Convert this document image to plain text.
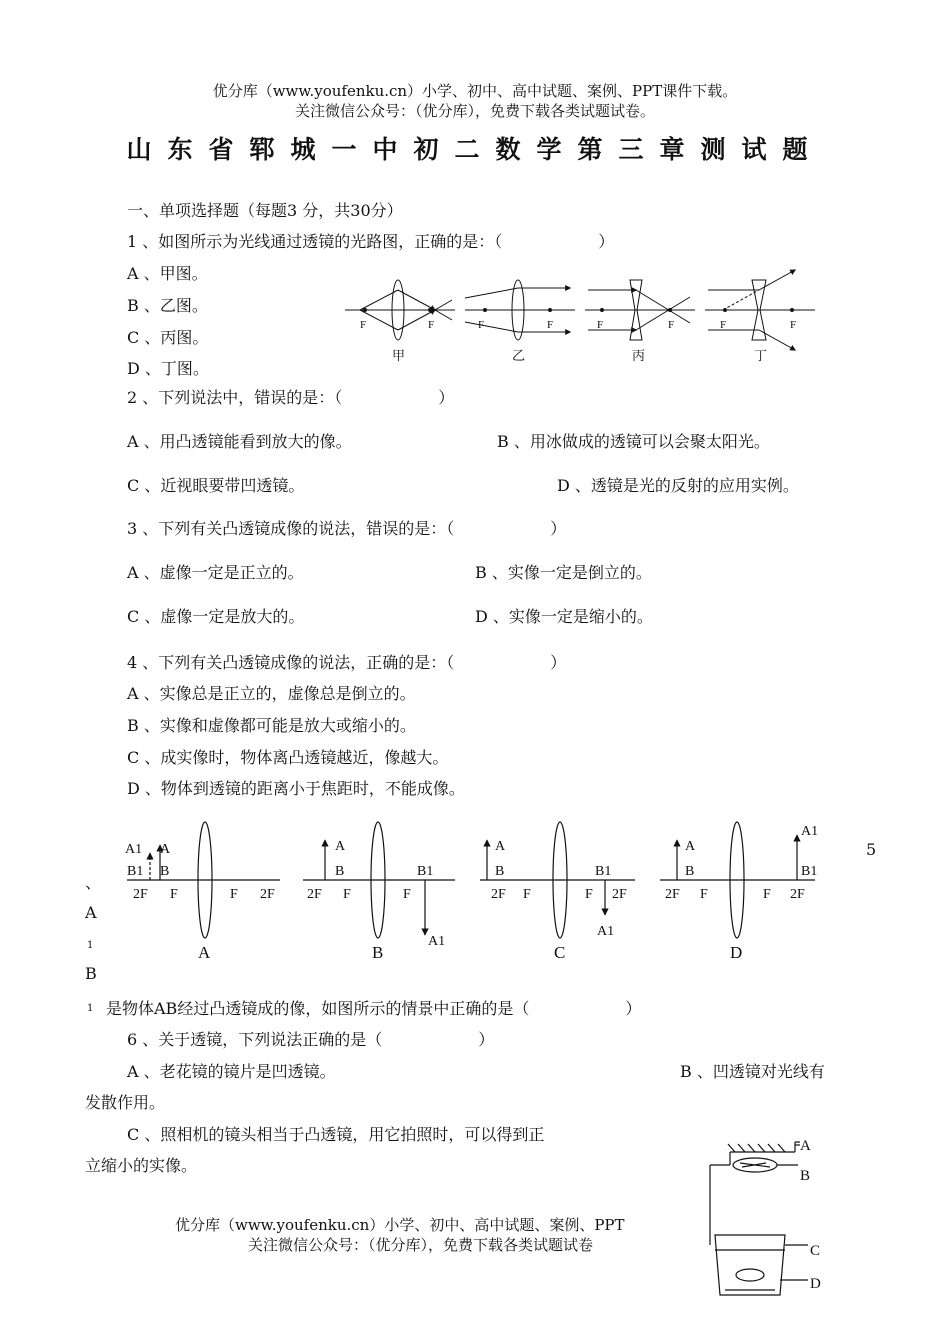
优分库（www.youfenku.cn）小学、初中、高中试题、案例、PPT课件下载。
关注微信公众号：（优分库），免费下载各类试题试卷。
山东省郓城一中初二数学第三章测试题
一、单项选择题（每题3 分，共30分）
1 、如图所示为光线通过透镜的光路图，正确的是：（　　　　　　）
A 、甲图。
B 、乙图。
C 、丙图。
D 、丁图。
F	F	F	F	F	F	F	F
甲	乙	丙	丁
2 、下列说法中，错误的是：（　　　　　　）
A 、用凸透镜能看到放大的像。	B 、用冰做成的透镜可以会聚太阳光。
C 、近视眼要带凹透镜。	D 、透镜是光的反射的应用实例。
3 、下列有关凸透镜成像的说法，错误的是：（　　　　　　）
A 、虚像一定是正立的。	B 、实像一定是倒立的。
C 、虚像一定是放大的。	D 、实像一定是缩小的。
4 、下列有关凸透镜成像的说法，正确的是：（　　　　　　）
A 、实像总是正立的，虚像总是倒立的。
B 、实像和虚像都可能是放大或缩小的。
C 、成实像时，物体离凸透镜越近，像越大。
D 、物体到透镜的距离小于焦距时，不能成像。
、
A
1
B
1
5
A1 A
B1 B
2F F	F 2F
A
B	B1
2F F	F
A1
A
B	B1
2F F	F 2F
A1
A
B
A1
B1
2F F	F 2F
A	B	C	D
是物体AB经过凸透镜成的像，如图所示的情景中正确的是（　　　　　　）
6 、关于透镜，下列说法正确的是（　　　　　　）
A 、老花镜的镜片是凹透镜。	B 、凹透镜对光线有
发散作用。
C 、照相机的镜头相当于凸透镜，用它拍照时，可以得到正
立缩小的实像。
A
B
C
D
优分库（www.youfenku.cn）小学、初中、高中试题、案例、PPT
关注微信公众号：（优分库），免费下载各类试题试卷
